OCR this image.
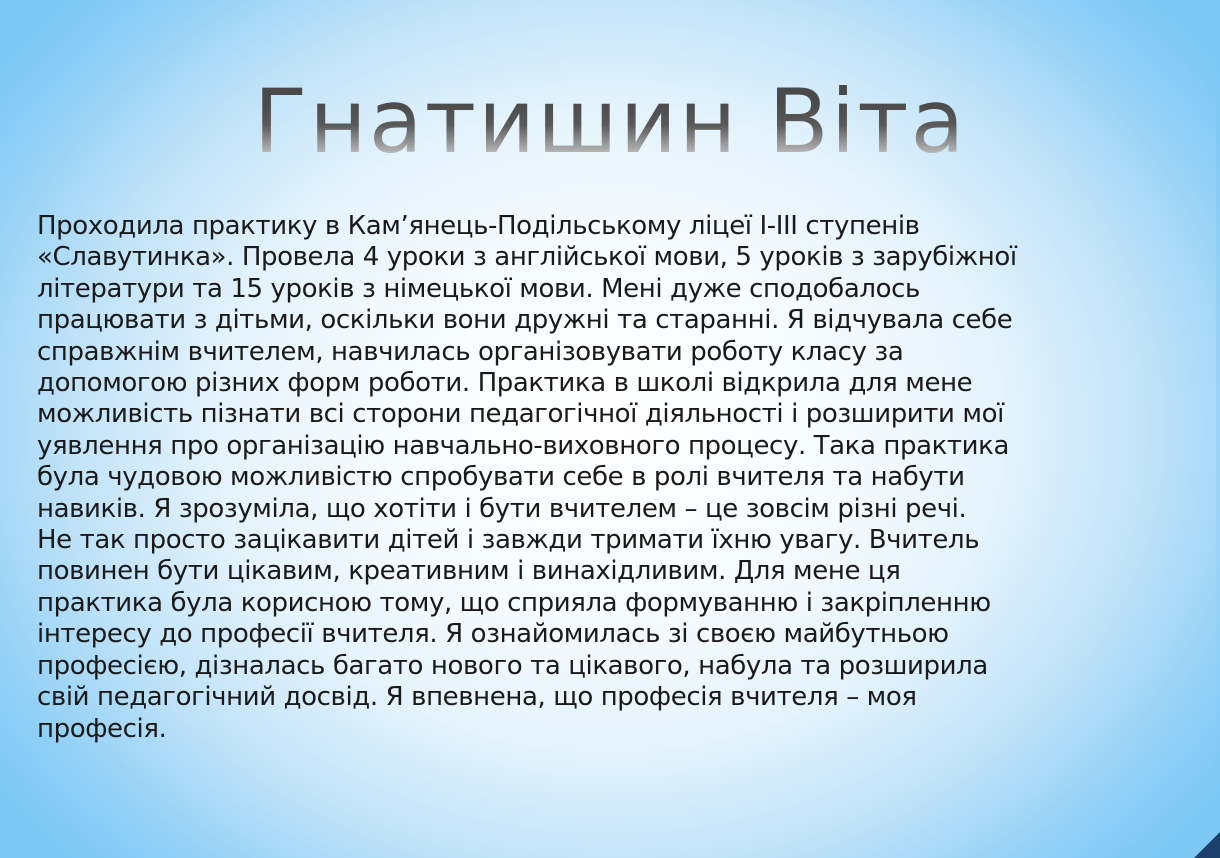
Гнатишин Віта

Проходила практику в Кам’янець-Подільському ліцеї І-ІІІ ступенів
«Славутинка». Провела 4 уроки з англійської мови, 5 уроків з зарубіжної
літератури та 15 уроків з німецької мови. Мені дуже сподобалось
працювати з дітьми, оскільки вони дружні та старанні. Я відчувала себе
справжнім вчителем, навчилась організовувати роботу класу за
допомогою різних форм роботи. Практика в школі відкрила для мене
можливість пізнати всі сторони педагогічної діяльності і розширити мої
уявлення про організацію навчально-виховного процесу. Така практика
була чудовою можливістю спробувати себе в ролі вчителя та набути
навиків. Я зрозуміла, що хотіти і бути вчителем – це зовсім різні речі.
Не так просто зацікавити дітей і завжди тримати їхню увагу. Вчитель
повинен бути цікавим, креативним і винахідливим. Для мене ця
практика була корисною тому, що сприяла формуванню і закріпленню
інтересу до професії вчителя. Я ознайомилась зі своєю майбутньою
професією, дізналась багато нового та цікавого, набула та розширила
свій педагогічний досвід. Я впевнена, що професія вчителя – моя
професія.
